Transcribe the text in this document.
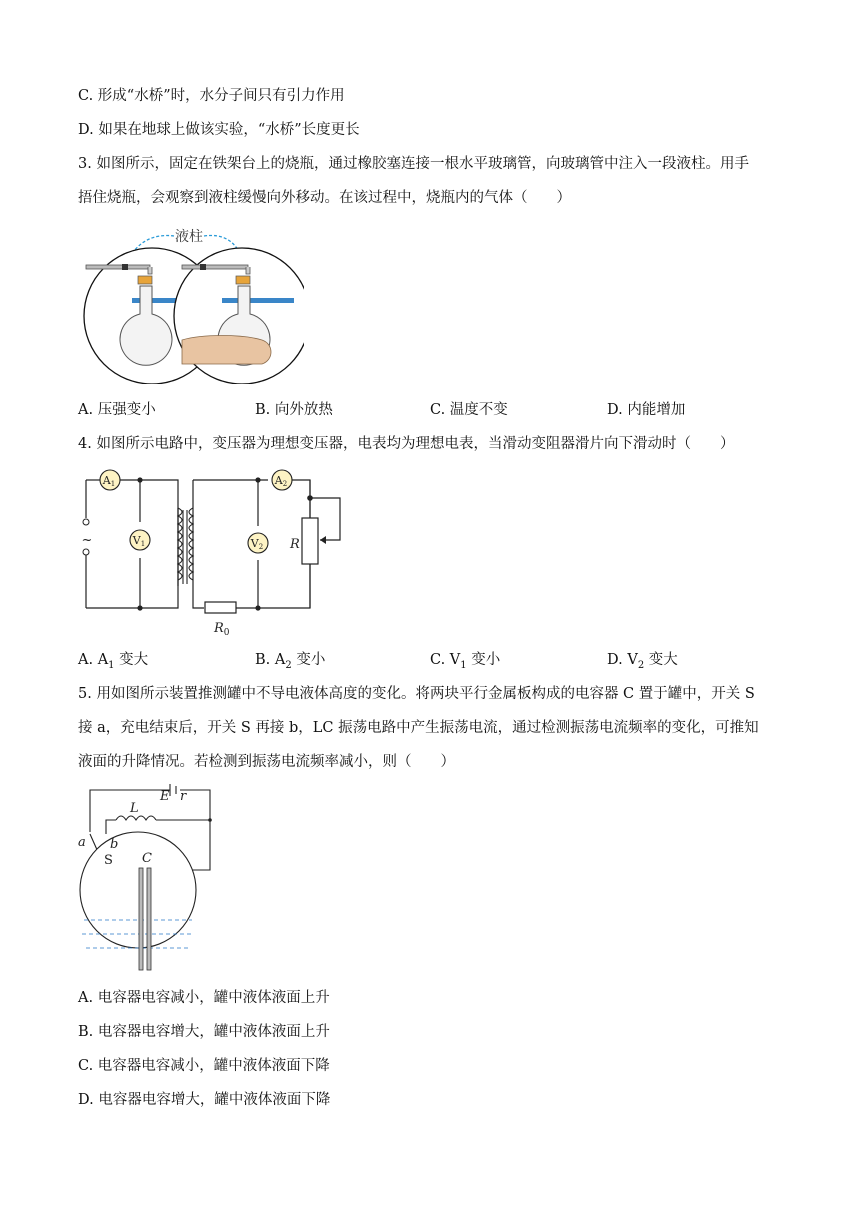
C. 形成“水桥”时，水分子间只有引力作用
D. 如果在地球上做该实验，“水桥”长度更长
3. 如图所示，固定在铁架台上的烧瓶，通过橡胶塞连接一根水平玻璃管，向玻璃管中注入一段液柱。用手
捂住烧瓶，会观察到液柱缓慢向外移动。在该过程中，烧瓶内的气体（　　）
液柱
A. 压强变小	B. 向外放热	C. 温度不变	D. 内能增加
4. 如图所示电路中，变压器为理想变压器，电表均为理想电表，当滑动变阻器滑片向下滑动时（　　）
A1	A2
V1	V2
~	R
$R_0$
A. $A_1$ 变大	B. $A_2$ 变小	C. $V_1$ 变小	D. $V_2$ 变大
5. 用如图所示装置推测罐中不导电液体高度的变化。将两块平行金属板构成的电容器 C 置于罐中，开关 S
接 a，充电结束后，开关 S 再接 b，LC 振荡电路中产生振荡电流，通过检测振荡电流频率的变化，可推知
液面的升降情况。若检测到振荡电流频率减小，则（　　）
E r
L
a b
C
S
A. 电容器电容减小，罐中液体液面上升
B. 电容器电容增大，罐中液体液面上升
C. 电容器电容减小，罐中液体液面下降
D. 电容器电容增大，罐中液体液面下降
